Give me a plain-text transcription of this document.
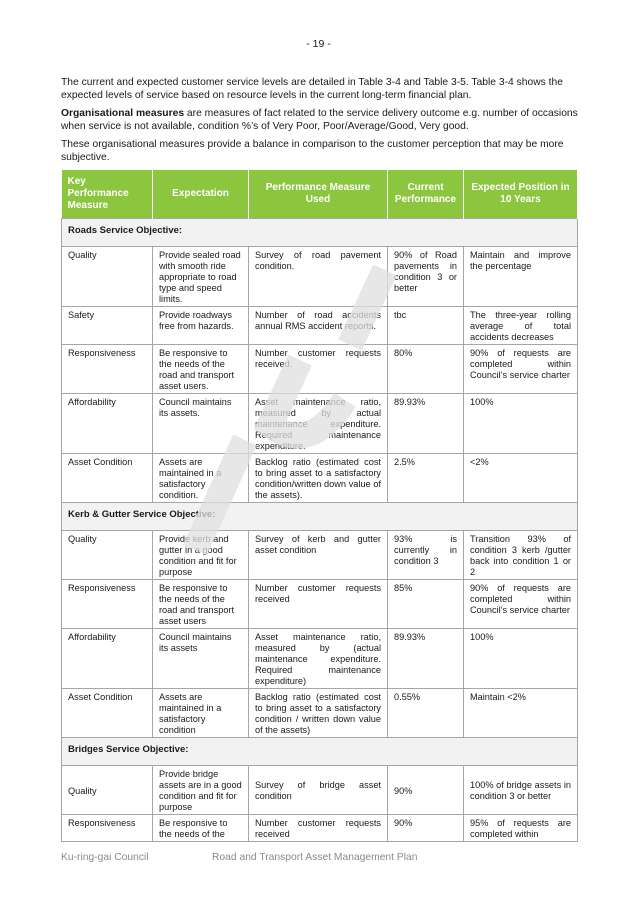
- 19 -

The current and expected customer service levels are detailed in Table 3-4 and Table 3-5. Table 3-4 shows the expected levels of service based on resource levels in the current long-term financial plan.

Organisational measures are measures of fact related to the service delivery outcome e.g. number of occasions when service is not available, condition %’s of Very Poor, Poor/Average/Good, Very good.

These organisational measures provide a balance in comparison to the customer perception that may be more subjective.

Key Performance Measure	Expectation	Performance Measure Used	Current Performance	Expected Position in 10 Years
Roads Service Objective:				
Quality	Provide sealed road with smooth ride appropriate to road type and speed limits.	Survey of road pavement condition.	90% of Road pavements in condition 3 or better	Maintain and improve the percentage
Safety	Provide roadways free from hazards.	Number of road accidents annual RMS accident reports.	tbc	The three-year rolling average of total accidents decreases
Responsiveness	Be responsive to the needs of the road and transport asset users.	Number customer requests received.	80%	90% of requests are completed within Council’s service charter
Affordability	Council maintains its assets.	Asset maintenance ratio, measured by actual maintenance expenditure. Required maintenance expenditure.	89.93%	100%
Asset Condition	Assets are maintained in a satisfactory condition.	Backlog ratio (estimated cost to bring asset to a satisfactory condition/written down value of the assets).	2.5%	<2%
Kerb & Gutter Service Objective:				
Quality	Provide kerb and gutter in a good condition and fit for purpose	Survey of kerb and gutter asset condition	93% is currently in condition 3	Transition 93% of condition 3 kerb /gutter back into condition 1 or 2
Responsiveness	Be responsive to the needs of the road and transport asset users	Number customer requests received	85%	90% of requests are completed within Council’s service charter
Affordability	Council maintains its assets	Asset maintenance ratio, measured by (actual maintenance expenditure. Required maintenance expenditure)	89.93%	100%
Asset Condition	Assets are maintained in a satisfactory condition	Backlog ratio (estimated cost to bring asset to a satisfactory condition / written down value of the assets)	0.55%	Maintain <2%
Bridges Service Objective:				
Quality	Provide bridge assets are in a good condition and fit for purpose	Survey of bridge asset condition	90%	100% of bridge assets in condition 3 or better
Responsiveness	Be responsive to the needs of the	Number customer requests received	90%	95% of requests are completed within
Ku-ring-gai Council	Road and Transport Asset Management Plan
